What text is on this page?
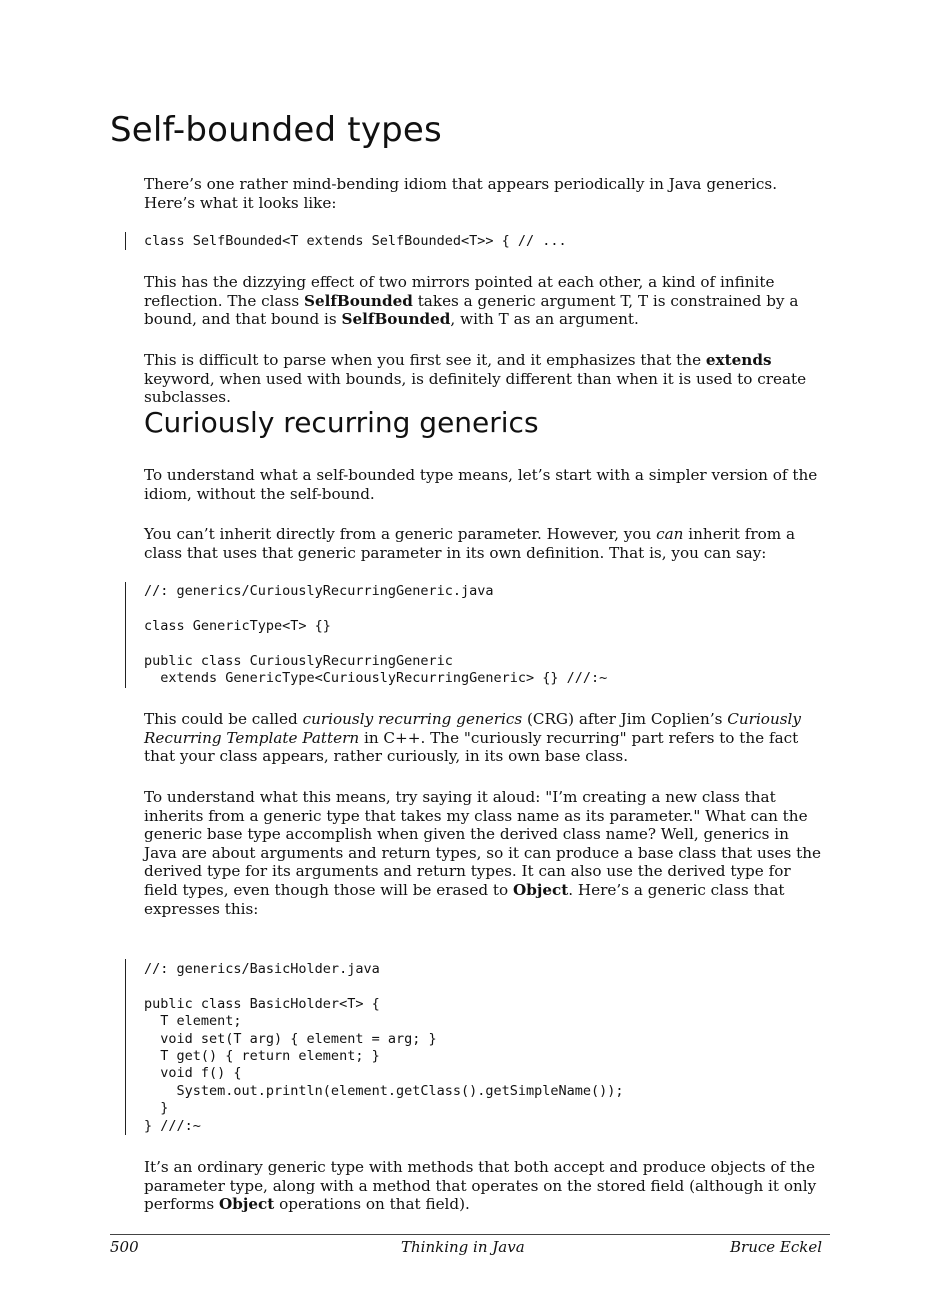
Self-bounded types

There’s one rather mind-bending idiom that appears periodically in Java generics. Here’s what it looks like:

class SelfBounded<T extends SelfBounded<T>> { // ...

This has the dizzying effect of two mirrors pointed at each other, a kind of infinite reflection. The class SelfBounded takes a generic argument T, T is constrained by a bound, and that bound is SelfBounded, with T as an argument.

This is difficult to parse when you first see it, and it emphasizes that the extends keyword, when used with bounds, is definitely different than when it is used to create subclasses.

Curiously recurring generics

To understand what a self-bounded type means, let’s start with a simpler version of the idiom, without the self-bound.

You can’t inherit directly from a generic parameter. However, you can inherit from a class that uses that generic parameter in its own definition. That is, you can say:

//: generics/CuriouslyRecurringGeneric.java

class GenericType<T> {}

public class CuriouslyRecurringGeneric
extends GenericType<CuriouslyRecurringGeneric> {} ///:~

This could be called curiously recurring generics (CRG) after Jim Coplien’s Curiously Recurring Template Pattern in C++. The "curiously recurring" part refers to the fact that your class appears, rather curiously, in its own base class.

To understand what this means, try saying it aloud: "I’m creating a new class that inherits from a generic type that takes my class name as its parameter." What can the generic base type accomplish when given the derived class name? Well, generics in Java are about arguments and return types, so it can produce a base class that uses the derived type for its arguments and return types. It can also use the derived type for field types, even though those will be erased to Object. Here’s a generic class that expresses this:

//: generics/BasicHolder.java

public class BasicHolder<T> {
T element;
void set(T arg) { element = arg; }
T get() { return element; }
void f() {
System.out.println(element.getClass().getSimpleName());
}
} ///:~

It’s an ordinary generic type with methods that both accept and produce objects of the parameter type, along with a method that operates on the stored field (although it only performs Object operations on that field).

500	Thinking in Java	Bruce Eckel
